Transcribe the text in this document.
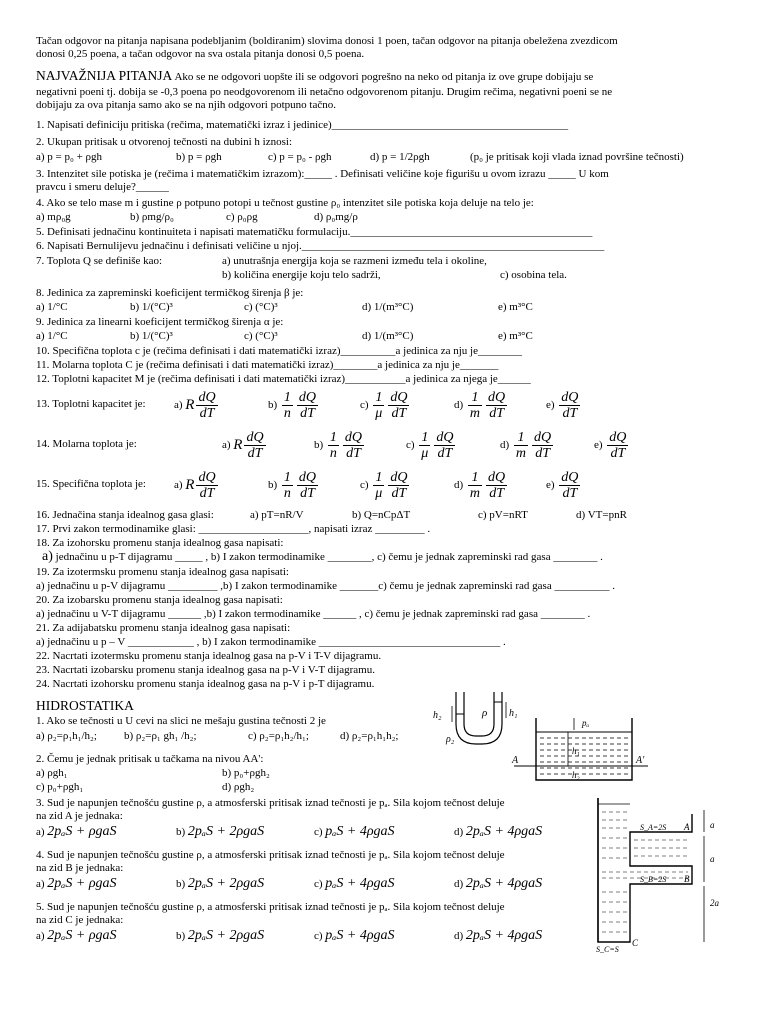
Tačan odgovor na pitanja napisana podebljanim (boldiranim) slovima donosi 1 poen, tačan odgovor na pitanja obeležena zvezdicom
donosi 0,25 poena, a tačan odgovor na sva ostala pitanja donosi 0,5 poena.
NAJVAŽNIJA PITANJA Ako se ne odgovori uopšte ili se odgovori pogrešno na neko od pitanja iz ove grupe dobijaju se
negativni poeni tj. dobija se -0,3 poena po neodgovorenom ili netačno odgovorenom pitanju. Drugim rečima, negativni poeni se ne
dobijaju za ova pitanja samo ako se na njih odgovori potpuno tačno.
1. Napisati definiciju pritiska (rečima, matematički izraz i jedinice)___________________________________________
2. Ukupan pritisak u otvorenoj tečnosti na dubini h iznosi:
a) p = p₀ + ρgh	b) p = ρgh	c) p = p₀ - ρgh	d) p = 1/2ρgh	(p₀ je pritisak koji vlada iznad površine tečnosti)
3. Intenzitet sile potiska je (rečima i matematičkim izrazom):_____ . Definisati veličine koje figurišu u ovom izrazu _____ U kom
pravcu i smeru deluje?______
4. Ako se telo mase m i gustine ρ potpuno potopi u tečnost gustine ρ₀ intenzitet sile potiska koja deluje na telo je:
a) mρ₀g	b) ρmg/ρ₀	c) ρ₀ρg	d) ρ₀mg/ρ
5. Definisati jednačinu kontinuiteta i napisati matematičku formulaciju.____________________________________________
6. Napisati Bernulijevu jednačinu i definisati veličine u njoj._______________________________________________________
7. Toplota Q se definiše kao:	a) unutrašnja energija koja se razmeni između tela i okoline,
b) količina energije koju telo sadrži,	c) osobina tela.
8. Jedinica za zapreminski koeficijent termičkog širenja β je:
a) 1/°C	b) 1/(°C)³	c) (°C)³	d) 1/(m³°C)	e) m³°C
9. Jedinica za linearni koeficijent termičkog širenja α je:
a) 1/°C	b) 1/(°C)³	c) (°C)³	d) 1/(m³°C)	e) m³°C
10. Specifična toplota c je (rečima definisati i dati matematički izraz)__________a jedinica za nju je________
11. Molarna toplota C je (rečima definisati i dati matematički izraz)________a jedinica za nju je_______
12. Toplotni kapacitet M je (rečima definisati i dati matematički izraz)___________a jedinica za njega je______
13. Toplotni kapacitet je:	a) R $\frac{dQ}{dT}$	$b) \frac{1}{n} \frac{dQ}{dT}$	$c) \frac{1}{\mu} \frac{dQ}{dT}$	$d) \frac{1}{m} \frac{dQ}{dT}$	$e) \frac{dQ}{dT}$
14. Molarna toplota je:	a) R $\frac{dQ}{dT}$	$b) \frac{1}{n} \frac{dQ}{dT}$	$c) \frac{1}{\mu} \frac{dQ}{dT}$	$d) \frac{1}{m} \frac{dQ}{dT}$	$e) \frac{dQ}{dT}$
15. Specifična toplota je:	a) R $\frac{dQ}{dT}$	$b) \frac{1}{n} \frac{dQ}{dT}$	$c) \frac{1}{\mu} \frac{dQ}{dT}$	$d) \frac{1}{m} \frac{dQ}{dT}$	$e) \frac{dQ}{dT}$
16. Jednačina stanja idealnog gasa glasi:	a) pT=nR/V	b) Q=nCpΔT	c) pV=nRT	d) VT=pnR
17. Prvi zakon termodinamike glasi: ____________________, napisati izraz _________ .
18. Za izohorsku promenu stanja idealnog gasa napisati:
a) jednačinu u p-T dijagramu _____ , b) I zakon termodinamike ________, c) čemu je jednak zapreminski rad gasa ________ .
19. Za izotermsku promenu stanja idealnog gasa napisati:
a) jednačinu u p-V dijagramu _________ ,b) I zakon termodinamike _______c) čemu je jednak zapreminski rad gasa __________ .
20. Za izobarsku promenu stanja idealnog gasa napisati:
a) jednačinu u V-T dijagramu ______ ,b) I zakon termodinamike ______ , c) čemu je jednak zapreminski rad gasa ________ .
21. Za adijabatsku promenu stanja idealnog gasa napisati:
a) jednačinu u p – V ____________ , b) I zakon termodinamike _________________________________ .
22. Nacrtati izotermsku promenu stanja idealnog gasa na p-V i T-V dijagramu.
23. Nacrtati izobarsku promenu stanja idealnog gasa na p-V i V-T dijagramu.
24. Nacrtati izohorsku promenu stanja idealnog gasa na p-V i p-T dijagramu.
HIDROSTATIKA
1. Ako se tečnosti u U cevi na slici ne mešaju gustina tečnosti 2 je
a) ρ₂=ρ₁h₁/h₂; b) ρ₂=ρ₁ gh₁ /h₂;	c) ρ₂=ρ₁h₂/h₁;	d) ρ₂=ρ₁h₁h₂;
2. Čemu je jednak pritisak u tačkama na nivou AA':
a) ρgh₁	b) p₀+ρgh₂
c) p₀+ρgh₁	d) ρgh₂
3. Sud je napunjen tečnošću gustine ρ, a atmosferski pritisak iznad tečnosti je pₐ. Sila kojom tečnost deluje
na zid A je jednaka:
a) 2pₐS + ρgaS	b) 2pₐS + 2ρgaS	c) pₐS + 4ρgaS	d) 2pₐS + 4ρgaS
4. Sud je napunjen tečnošću gustine ρ, a atmosferski pritisak iznad tečnosti je pₐ. Sila kojom tečnost deluje
na zid B je jednaka:
a) 2pₐS + ρgaS	b) 2pₐS + 2ρgaS	c) pₐS + 4ρgaS	d) 2pₐS + 4ρgaS
5. Sud je napunjen tečnošću gustine ρ, a atmosferski pritisak iznad tečnosti je pₐ. Sila kojom tečnost deluje
na zid C je jednaka:
a) 2pₐS + ρgaS	b) 2pₐS + 2ρgaS	c) pₐS + 4ρgaS	d) 2pₐS + 4ρgaS
h₂	ρ h₁
ρ₂
pₐ
h₁
h₂
A	A'
a
a
2a
S_A=2S A
S_B=2S B
S_C=S
C
